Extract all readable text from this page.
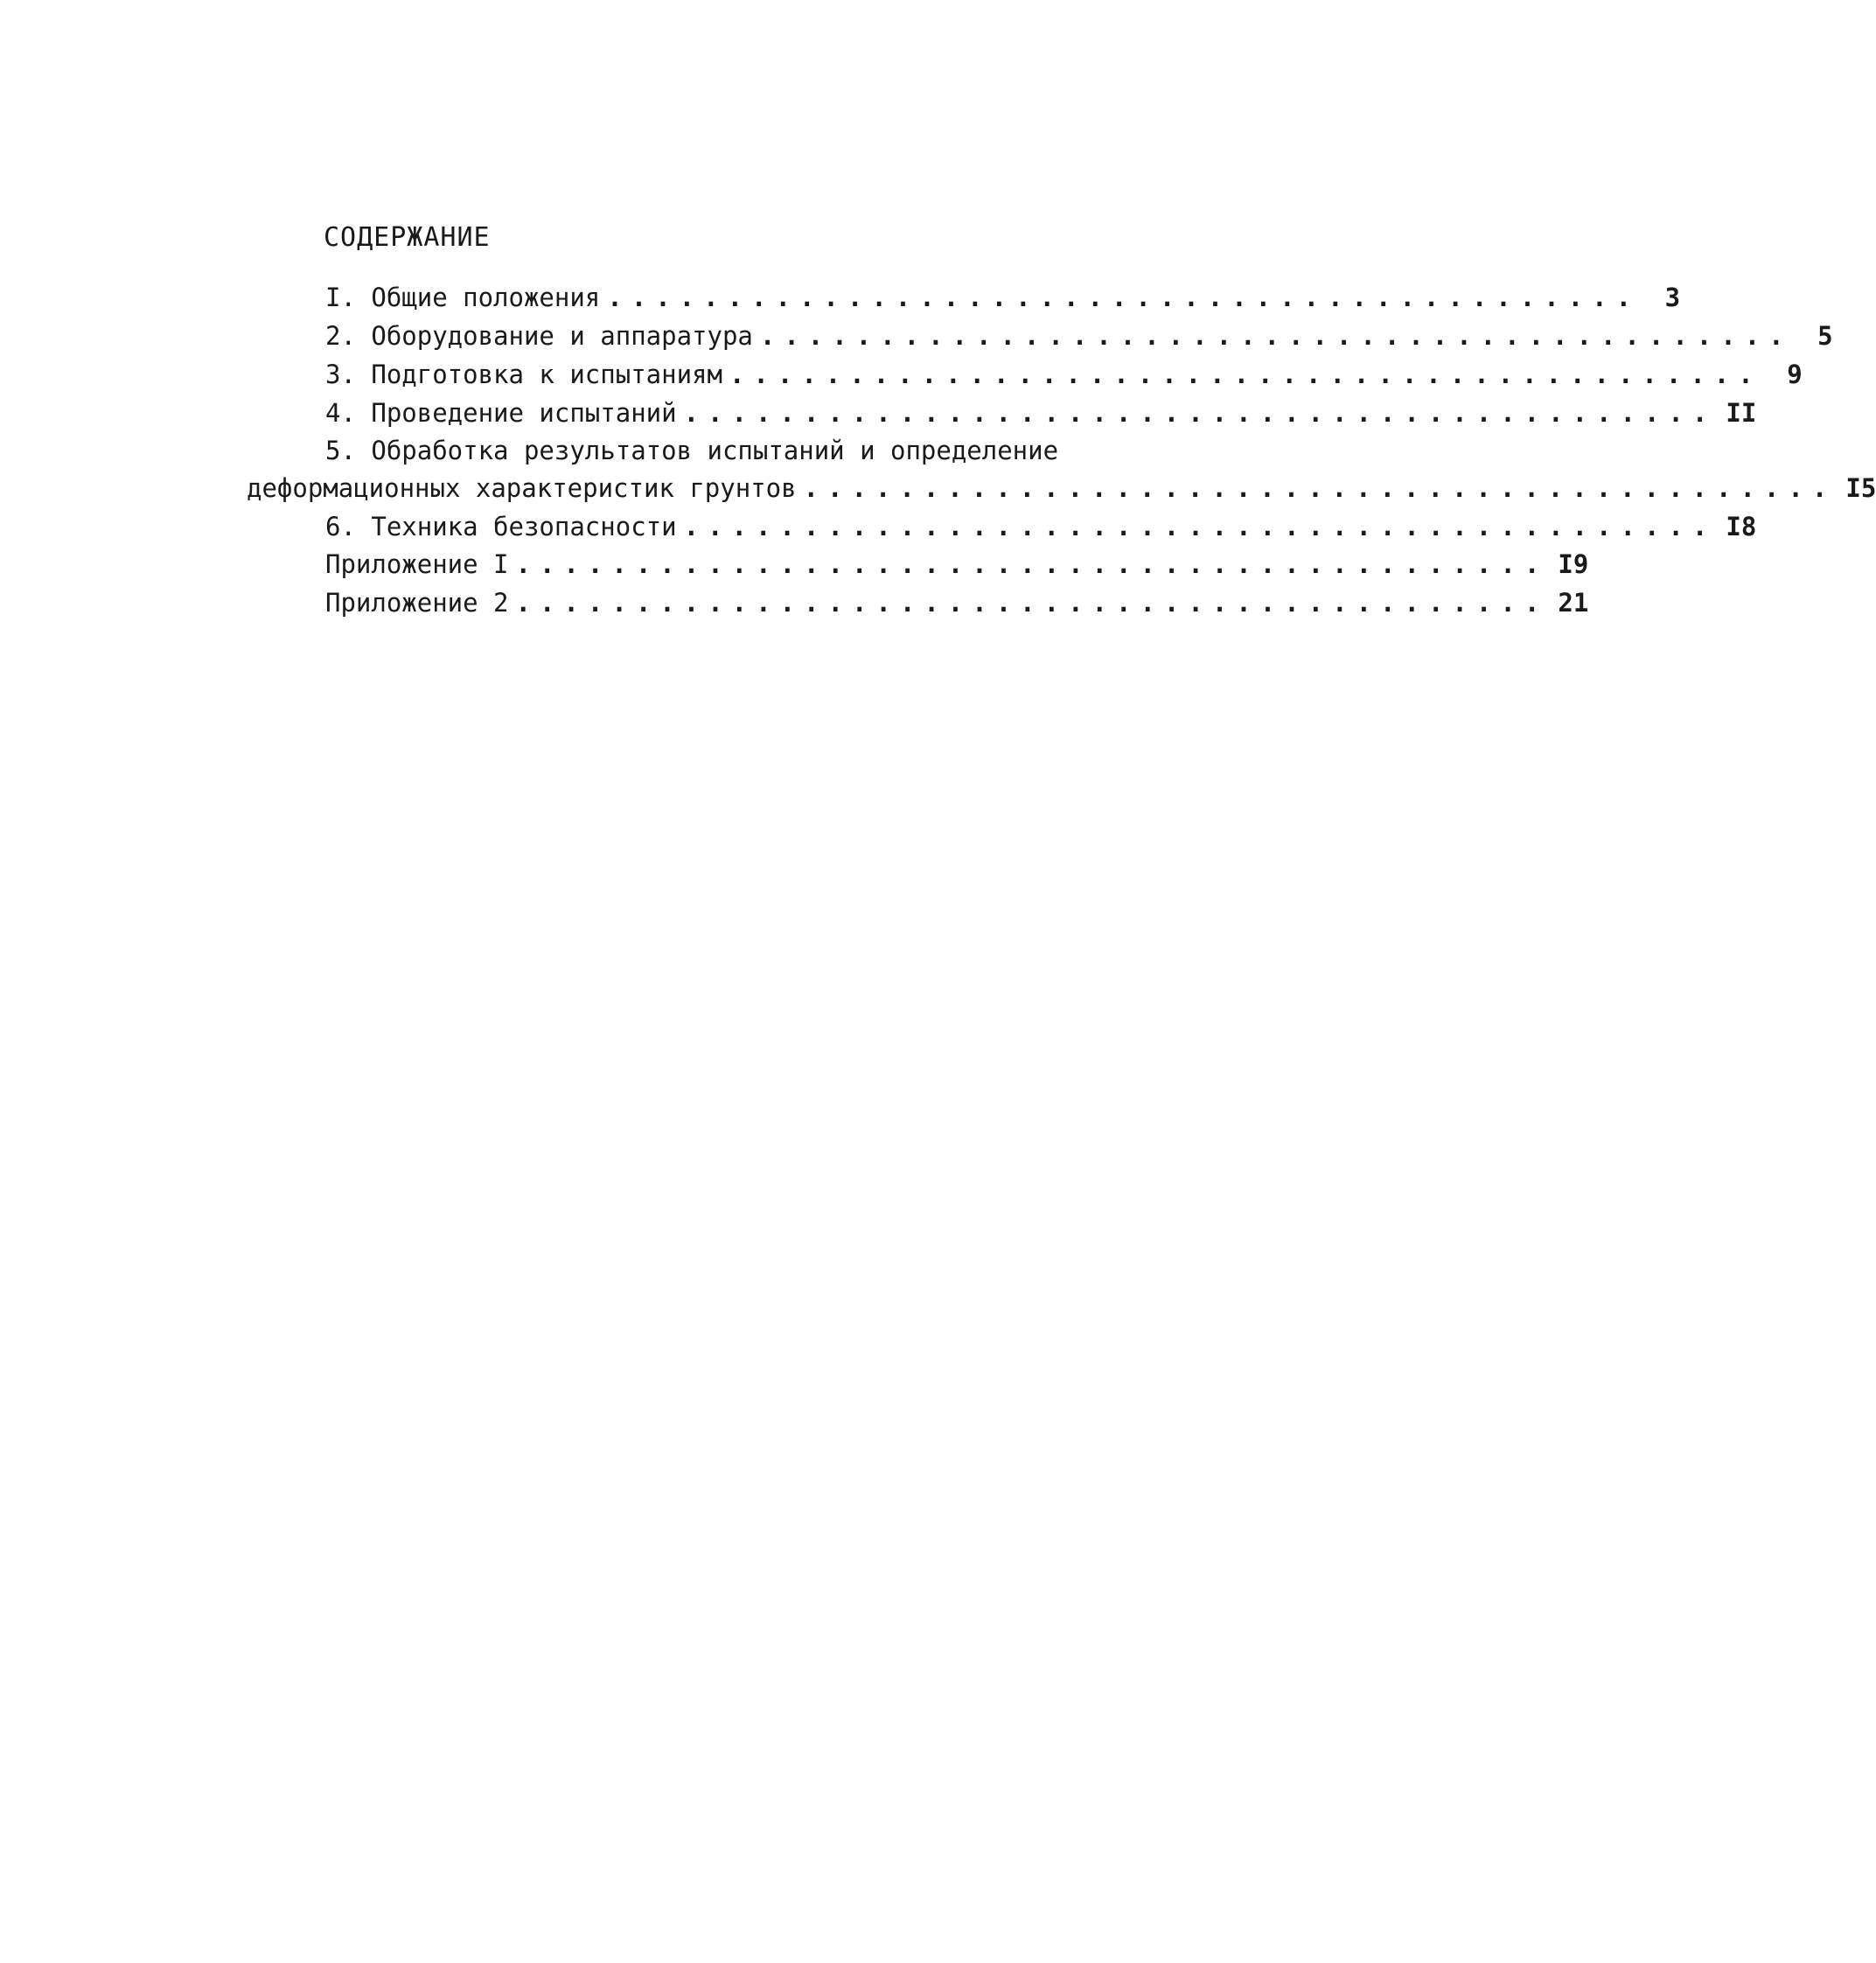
СОДЕРЖАНИЕ
I. Общие положения ........................................... 3
2. Оборудование и аппаратура ........................................... 5
3. Подготовка к испытаниям ........................................... 9
4. Проведение испытаний ........................................... II
5. Обработка результатов испытаний и определение
деформационных характеристик грунтов ........................................... I5
6. Техника безопасности ........................................... I8
Приложение I ........................................... I9
Приложение 2 ........................................... 21
